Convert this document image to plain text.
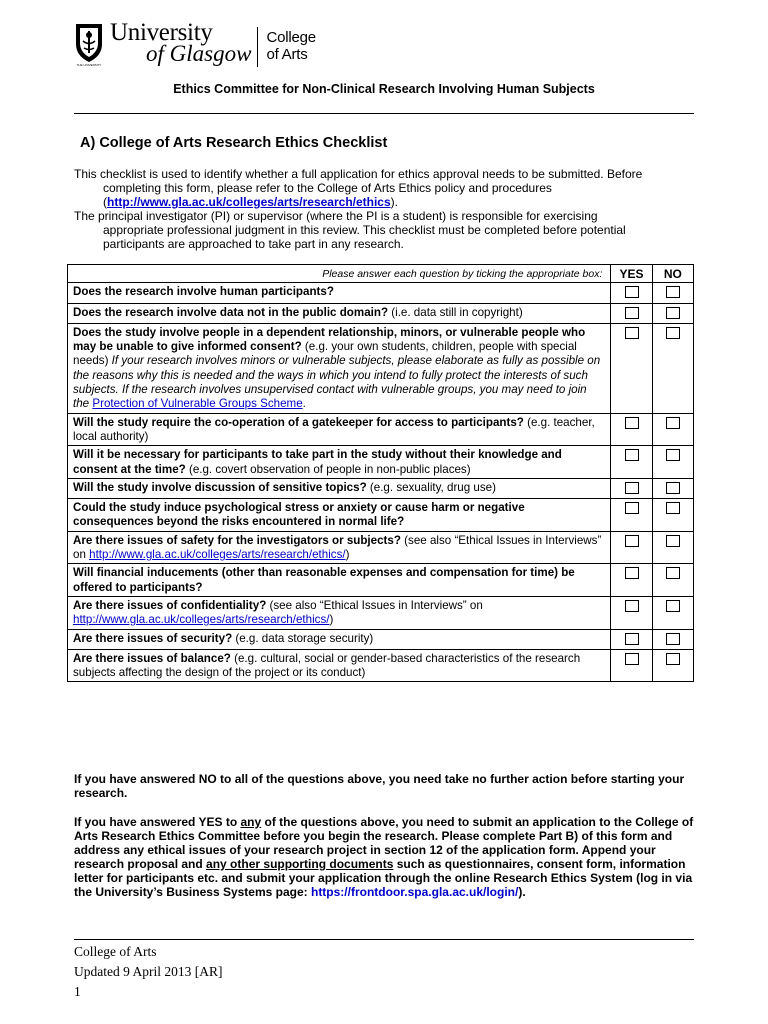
THE UNIVERSITY
University
of Glasgow
College
of Arts
Ethics Committee for Non-Clinical Research Involving Human Subjects
A) College of Arts Research Ethics Checklist

This checklist is used to identify whether a full application for ethics approval needs to be submitted. Before
completing this form, please refer to the College of Arts Ethics policy and procedures
(http://www.gla.ac.uk/colleges/arts/research/ethics).

The principal investigator (PI) or supervisor (where the PI is a student) is responsible for exercising
appropriate professional judgment in this review. This checklist must be completed before potential
participants are approached to take part in any research.

Please answer each question by ticking the appropriate box:	YES	NO
Does the research involve human participants?		
Does the research involve data not in the public domain? (i.e. data still in copyright)		
Does the study involve people in a dependent relationship, minors, or vulnerable people who may be unable to give informed consent? (e.g. your own students, children, people with special needs) If your research involves minors or vulnerable subjects, please elaborate as fully as possible on the reasons why this is needed and the ways in which you intend to fully protect the interests of such subjects. If the research involves unsupervised contact with vulnerable groups, you may need to join the Protection of Vulnerable Groups Scheme.		
Will the study require the co-operation of a gatekeeper for access to participants? (e.g. teacher, local authority)		
Will it be necessary for participants to take part in the study without their knowledge and consent at the time? (e.g. covert observation of people in non-public places)		
Will the study involve discussion of sensitive topics? (e.g. sexuality, drug use)		
Could the study induce psychological stress or anxiety or cause harm or negative consequences beyond the risks encountered in normal life?		
Are there issues of safety for the investigators or subjects? (see also “Ethical Issues in Interviews” on http://www.gla.ac.uk/colleges/arts/research/ethics/)		
Will financial inducements (other than reasonable expenses and compensation for time) be offered to participants?		
Are there issues of confidentiality? (see also “Ethical Issues in Interviews” on http://www.gla.ac.uk/colleges/arts/research/ethics/)		
Are there issues of security? (e.g. data storage security)		
Are there issues of balance? (e.g. cultural, social or gender-based characteristics of the research subjects affecting the design of the project or its conduct)		

If you have answered NO to all of the questions above, you need take no further action before starting your research.

If you have answered YES to any of the questions above, you need to submit an application to the College of Arts Research Ethics Committee before you begin the research. Please complete Part B) of this form and address any ethical issues of your research project in section 12 of the application form. Append your research proposal and any other supporting documents such as questionnaires, consent form, information letter for participants etc. and submit your application through the online Research Ethics System (log in via the University’s Business Systems page: https://frontdoor.spa.gla.ac.uk/login/).

College of Arts
Updated 9 April 2013 [AR]
1
